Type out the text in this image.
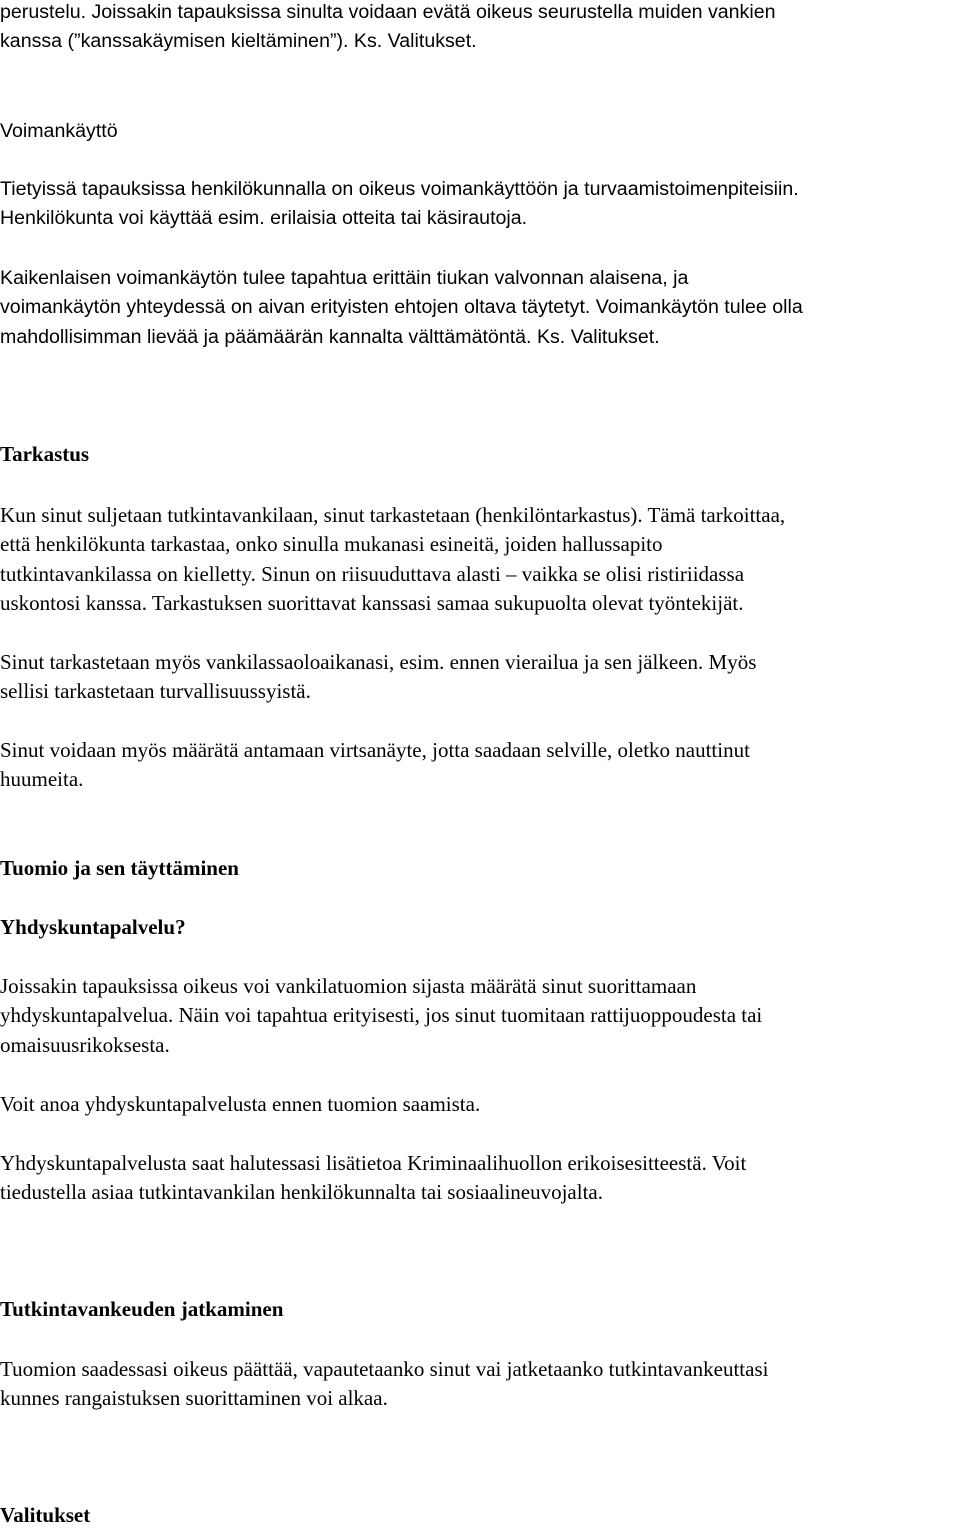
perustelu. Joissakin tapauksissa sinulta voidaan evätä oikeus seurustella muiden vankien
kanssa (”kanssakäymisen kieltäminen”). Ks. Valitukset.
Voimankäyttö
Tietyissä tapauksissa henkilökunnalla on oikeus voimankäyttöön ja turvaamistoimenpiteisiin.
Henkilökunta voi käyttää esim. erilaisia otteita tai käsirautoja.
Kaikenlaisen voimankäytön tulee tapahtua erittäin tiukan valvonnan alaisena, ja
voimankäytön yhteydessä on aivan erityisten ehtojen oltava täytetyt. Voimankäytön tulee olla
mahdollisimman lievää ja päämäärän kannalta välttämätöntä. Ks. Valitukset.
Tarkastus
Kun sinut suljetaan tutkintavankilaan, sinut tarkastetaan (henkilöntarkastus). Tämä tarkoittaa,
että henkilökunta tarkastaa, onko sinulla mukanasi esineitä, joiden hallussapito
tutkintavankilassa on kielletty. Sinun on riisuuduttava alasti – vaikka se olisi ristiriidassa
uskontosi kanssa. Tarkastuksen suorittavat kanssasi samaa sukupuolta olevat työntekijät.
Sinut tarkastetaan myös vankilassaoloaikanasi, esim. ennen vierailua ja sen jälkeen. Myös
sellisi tarkastetaan turvallisuussyistä.
Sinut voidaan myös määrätä antamaan virtsanäyte, jotta saadaan selville, oletko nauttinut
huumeita.
Tuomio ja sen täyttäminen
Yhdyskuntapalvelu?
Joissakin tapauksissa oikeus voi vankilatuomion sijasta määrätä sinut suorittamaan
yhdyskuntapalvelua. Näin voi tapahtua erityisesti, jos sinut tuomitaan rattijuoppoudesta tai
omaisuusrikoksesta.
Voit anoa yhdyskuntapalvelusta ennen tuomion saamista.
Yhdyskuntapalvelusta saat halutessasi lisätietoa Kriminaalihuollon erikoisesitteestä. Voit
tiedustella asiaa tutkintavankilan henkilökunnalta tai sosiaalineuvojalta.
Tutkintavankeuden jatkaminen
Tuomion saadessasi oikeus päättää, vapautetaanko sinut vai jatketaanko tutkintavankeuttasi
kunnes rangaistuksen suorittaminen voi alkaa.
Valitukset
